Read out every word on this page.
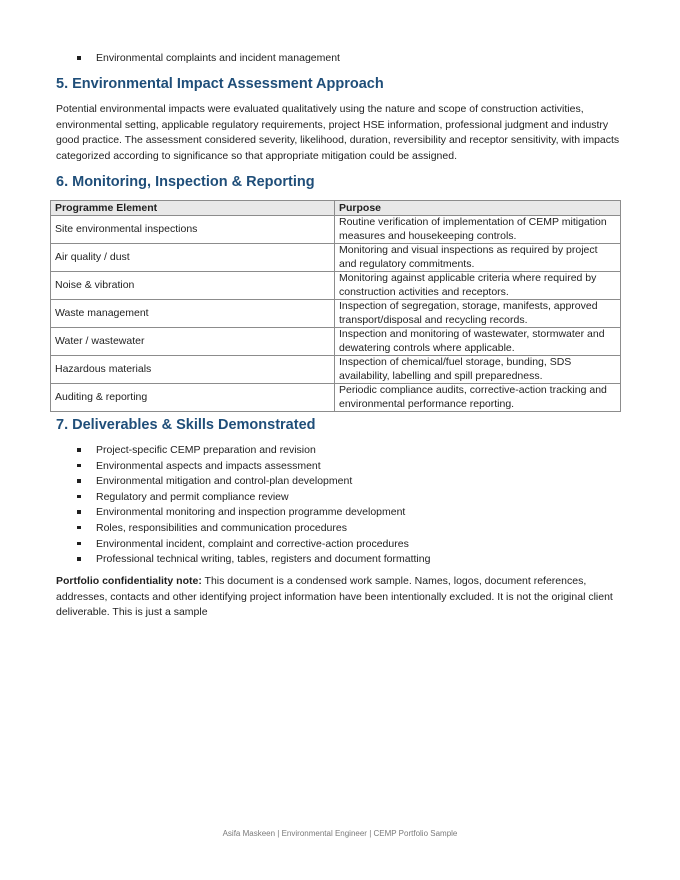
Environmental complaints and incident management
5. Environmental Impact Assessment Approach

Potential environmental impacts were evaluated qualitatively using the nature and scope of construction activities, environmental setting, applicable regulatory requirements, project HSE information, professional judgment and industry good practice. The assessment considered severity, likelihood, duration, reversibility and receptor sensitivity, with impacts categorized according to significance so that appropriate mitigation could be assigned.

6. Monitoring, Inspection & Reporting
Programme Element	Purpose
Site environmental inspections	Routine verification of implementation of CEMP mitigation measures and housekeeping controls.
Air quality / dust	Monitoring and visual inspections as required by project and regulatory commitments.
Noise & vibration	Monitoring against applicable criteria where required by construction activities and receptors.
Waste management	Inspection of segregation, storage, manifests, approved transport/disposal and recycling records.
Water / wastewater	Inspection and monitoring of wastewater, stormwater and dewatering controls where applicable.
Hazardous materials	Inspection of chemical/fuel storage, bunding, SDS availability, labelling and spill preparedness.
Auditing & reporting	Periodic compliance audits, corrective-action tracking and environmental performance reporting.
7. Deliverables & Skills Demonstrated
Project-specific CEMP preparation and revision
Environmental aspects and impacts assessment
Environmental mitigation and control-plan development
Regulatory and permit compliance review
Environmental monitoring and inspection programme development
Roles, responsibilities and communication procedures
Environmental incident, complaint and corrective-action procedures
Professional technical writing, tables, registers and document formatting

Portfolio confidentiality note: This document is a condensed work sample. Names, logos, document references, addresses, contacts and other identifying project information have been intentionally excluded. It is not the original client deliverable. This is just a sample

Asifa Maskeen | Environmental Engineer | CEMP Portfolio Sample
